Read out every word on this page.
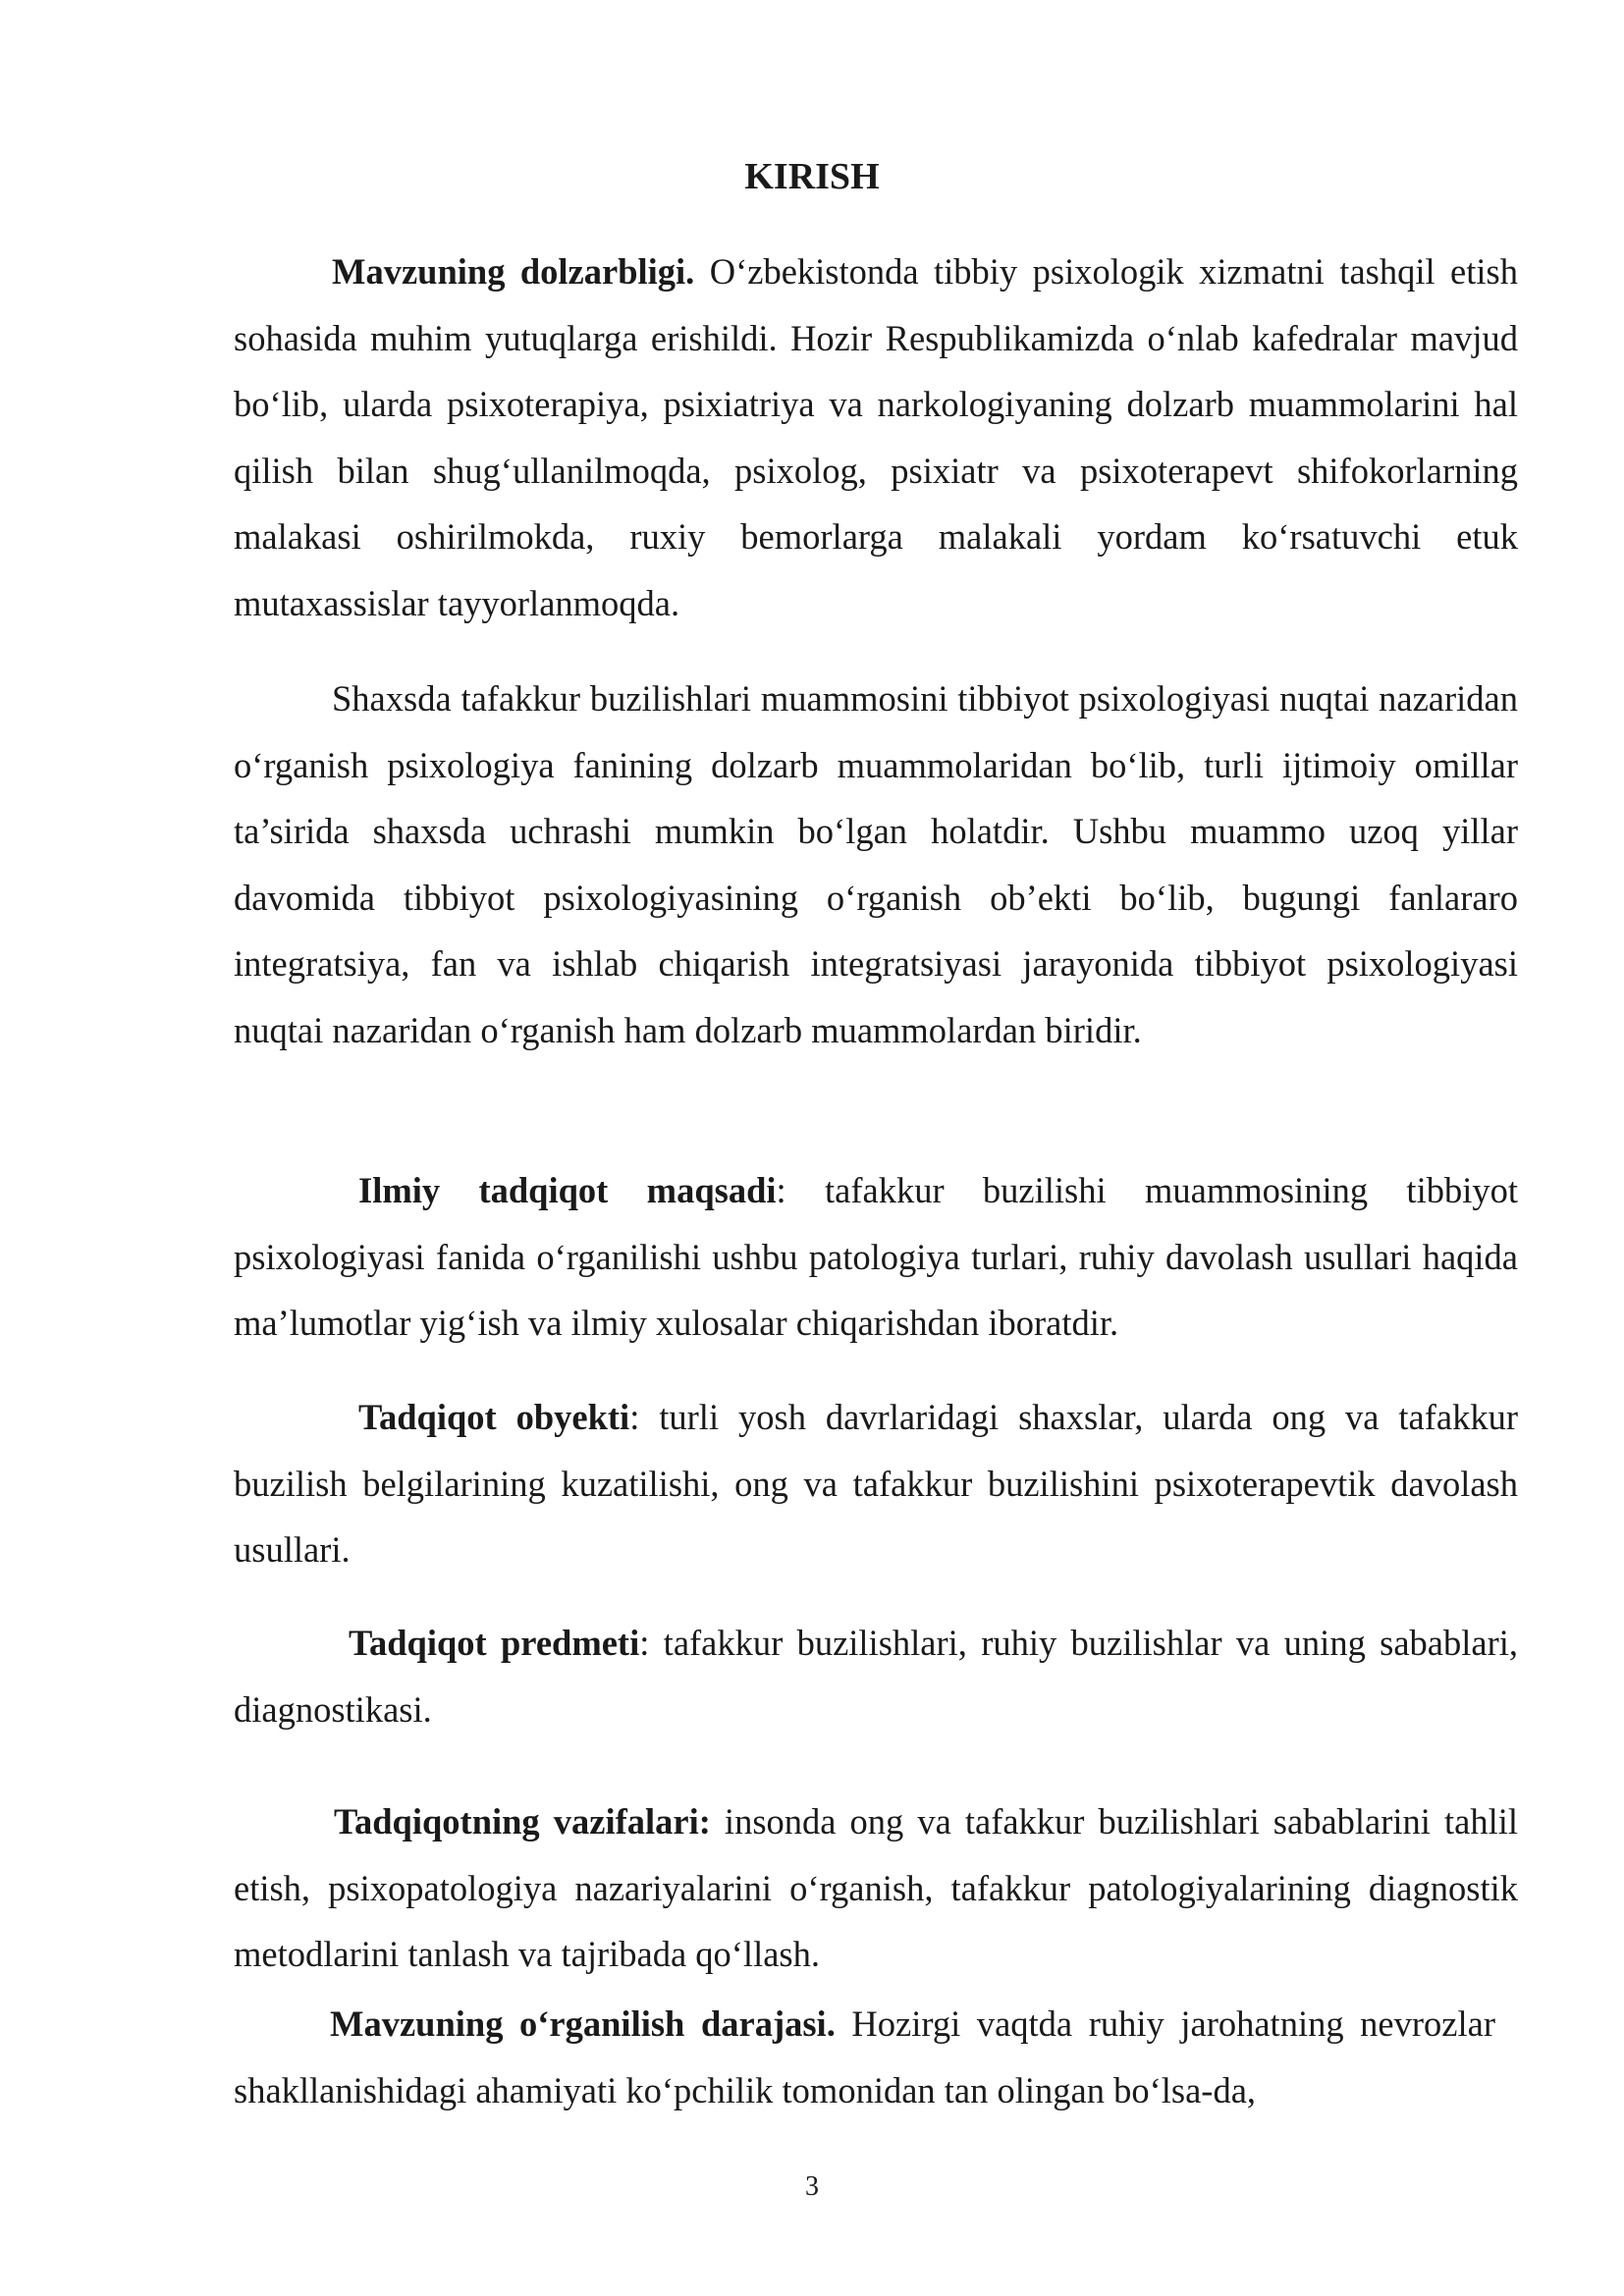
KIRISH

Mavzuning dolzarbligi. O‘zbekistonda tibbiy psixologik xizmatni tashqil etish sohasida muhim yutuqlarga erishildi. Hozir Respublikamizda o‘nlab kafedralar mavjud bo‘lib, ularda psixoterapiya, psixiatriya va narkologiyaning dolzarb muammolarini hal qilish bilan shug‘ullanilmoqda, psixolog, psixiatr va psixoterapevt shifokorlarning malakasi oshirilmokda, ruxiy bemorlarga malakali yordam ko‘rsatuvchi etuk mutaxassislar tayyorlanmoqda.

Shaxsda tafakkur buzilishlari muammosini tibbiyot psixologiyasi nuqtai nazaridan o‘rganish psixologiya fanining dolzarb muammolaridan bo‘lib, turli ijtimoiy omillar ta’sirida shaxsda uchrashi mumkin bo‘lgan holatdir. Ushbu muammo uzoq yillar davomida tibbiyot psixologiyasining o‘rganish ob’ekti bo‘lib, bugungi fanlararo integratsiya, fan va ishlab chiqarish integratsiyasi jarayonida tibbiyot psixologiyasi nuqtai nazaridan o‘rganish ham dolzarb muammolardan biridir.

Ilmiy tadqiqot maqsadi: tafakkur buzilishi muammosining tibbiyot psixologiyasi fanida o‘rganilishi ushbu patologiya turlari, ruhiy davolash usullari haqida ma’lumotlar yig‘ish va ilmiy xulosalar chiqarishdan iboratdir.

Tadqiqot obyekti: turli yosh davrlaridagi shaxslar, ularda ong va tafakkur buzilish belgilarining kuzatilishi, ong va tafakkur buzilishini psixoterapevtik davolash usullari.

Tadqiqot predmeti: tafakkur buzilishlari, ruhiy buzilishlar va uning sabablari, diagnostikasi.

Tadqiqotning vazifalari: insonda ong va tafakkur buzilishlari sabablarini tahlil etish, psixopatologiya nazariyalarini o‘rganish, tafakkur patologiyalarining diagnostik metodlarini tanlash va tajribada qo‘llash.

Mavzuning o‘rganilish darajasi. Hozirgi vaqtda ruhiy jarohatning nevrozlar shakllanishidagi ahamiyati ko‘pchilik tomonidan tan olingan bo‘lsa-da,

3
